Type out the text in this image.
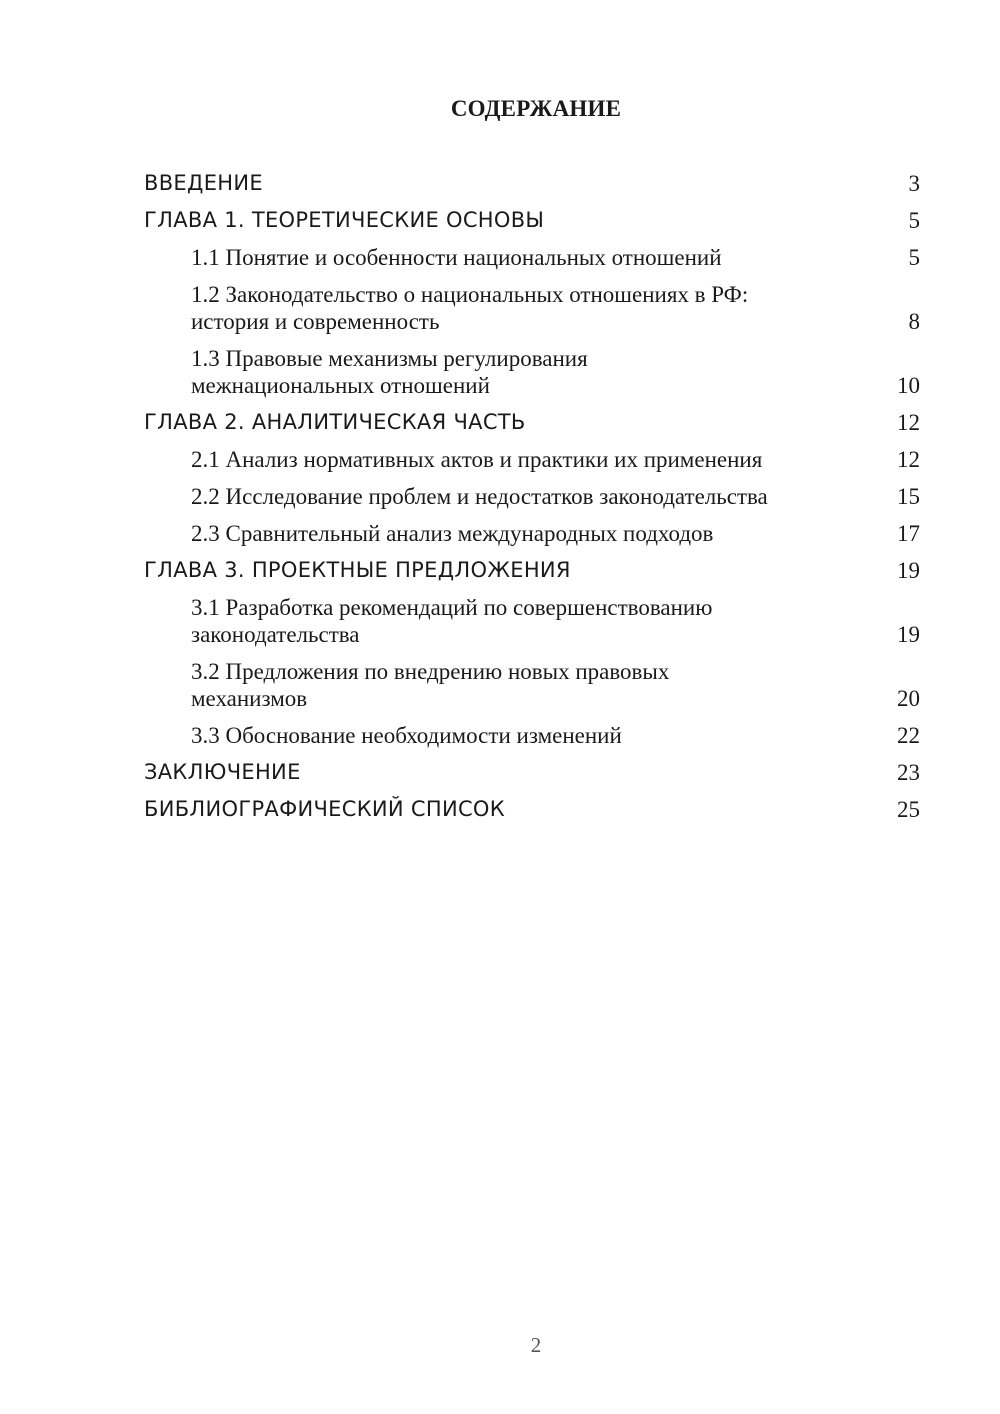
СОДЕРЖАНИЕ
ВВЕДЕНИЕ	3
ГЛАВА 1. ТЕОРЕТИЧЕСКИЕ ОСНОВЫ	5
1.1 Понятие и особенности национальных отношений	5
1.2 Законодательство о национальных отношениях в РФ:
история и современность	8
1.3 Правовые механизмы регулирования
межнациональных отношений	10
ГЛАВА 2. АНАЛИТИЧЕСКАЯ ЧАСТЬ	12
2.1 Анализ нормативных актов и практики их применения	12
2.2 Исследование проблем и недостатков законодательства	15
2.3 Сравнительный анализ международных подходов	17
ГЛАВА 3. ПРОЕКТНЫЕ ПРЕДЛОЖЕНИЯ	19
3.1 Разработка рекомендаций по совершенствованию
законодательства	19
3.2 Предложения по внедрению новых правовых
механизмов	20
3.3 Обоснование необходимости изменений	22
ЗАКЛЮЧЕНИЕ	23
БИБЛИОГРАФИЧЕСКИЙ СПИСОК	25
2
